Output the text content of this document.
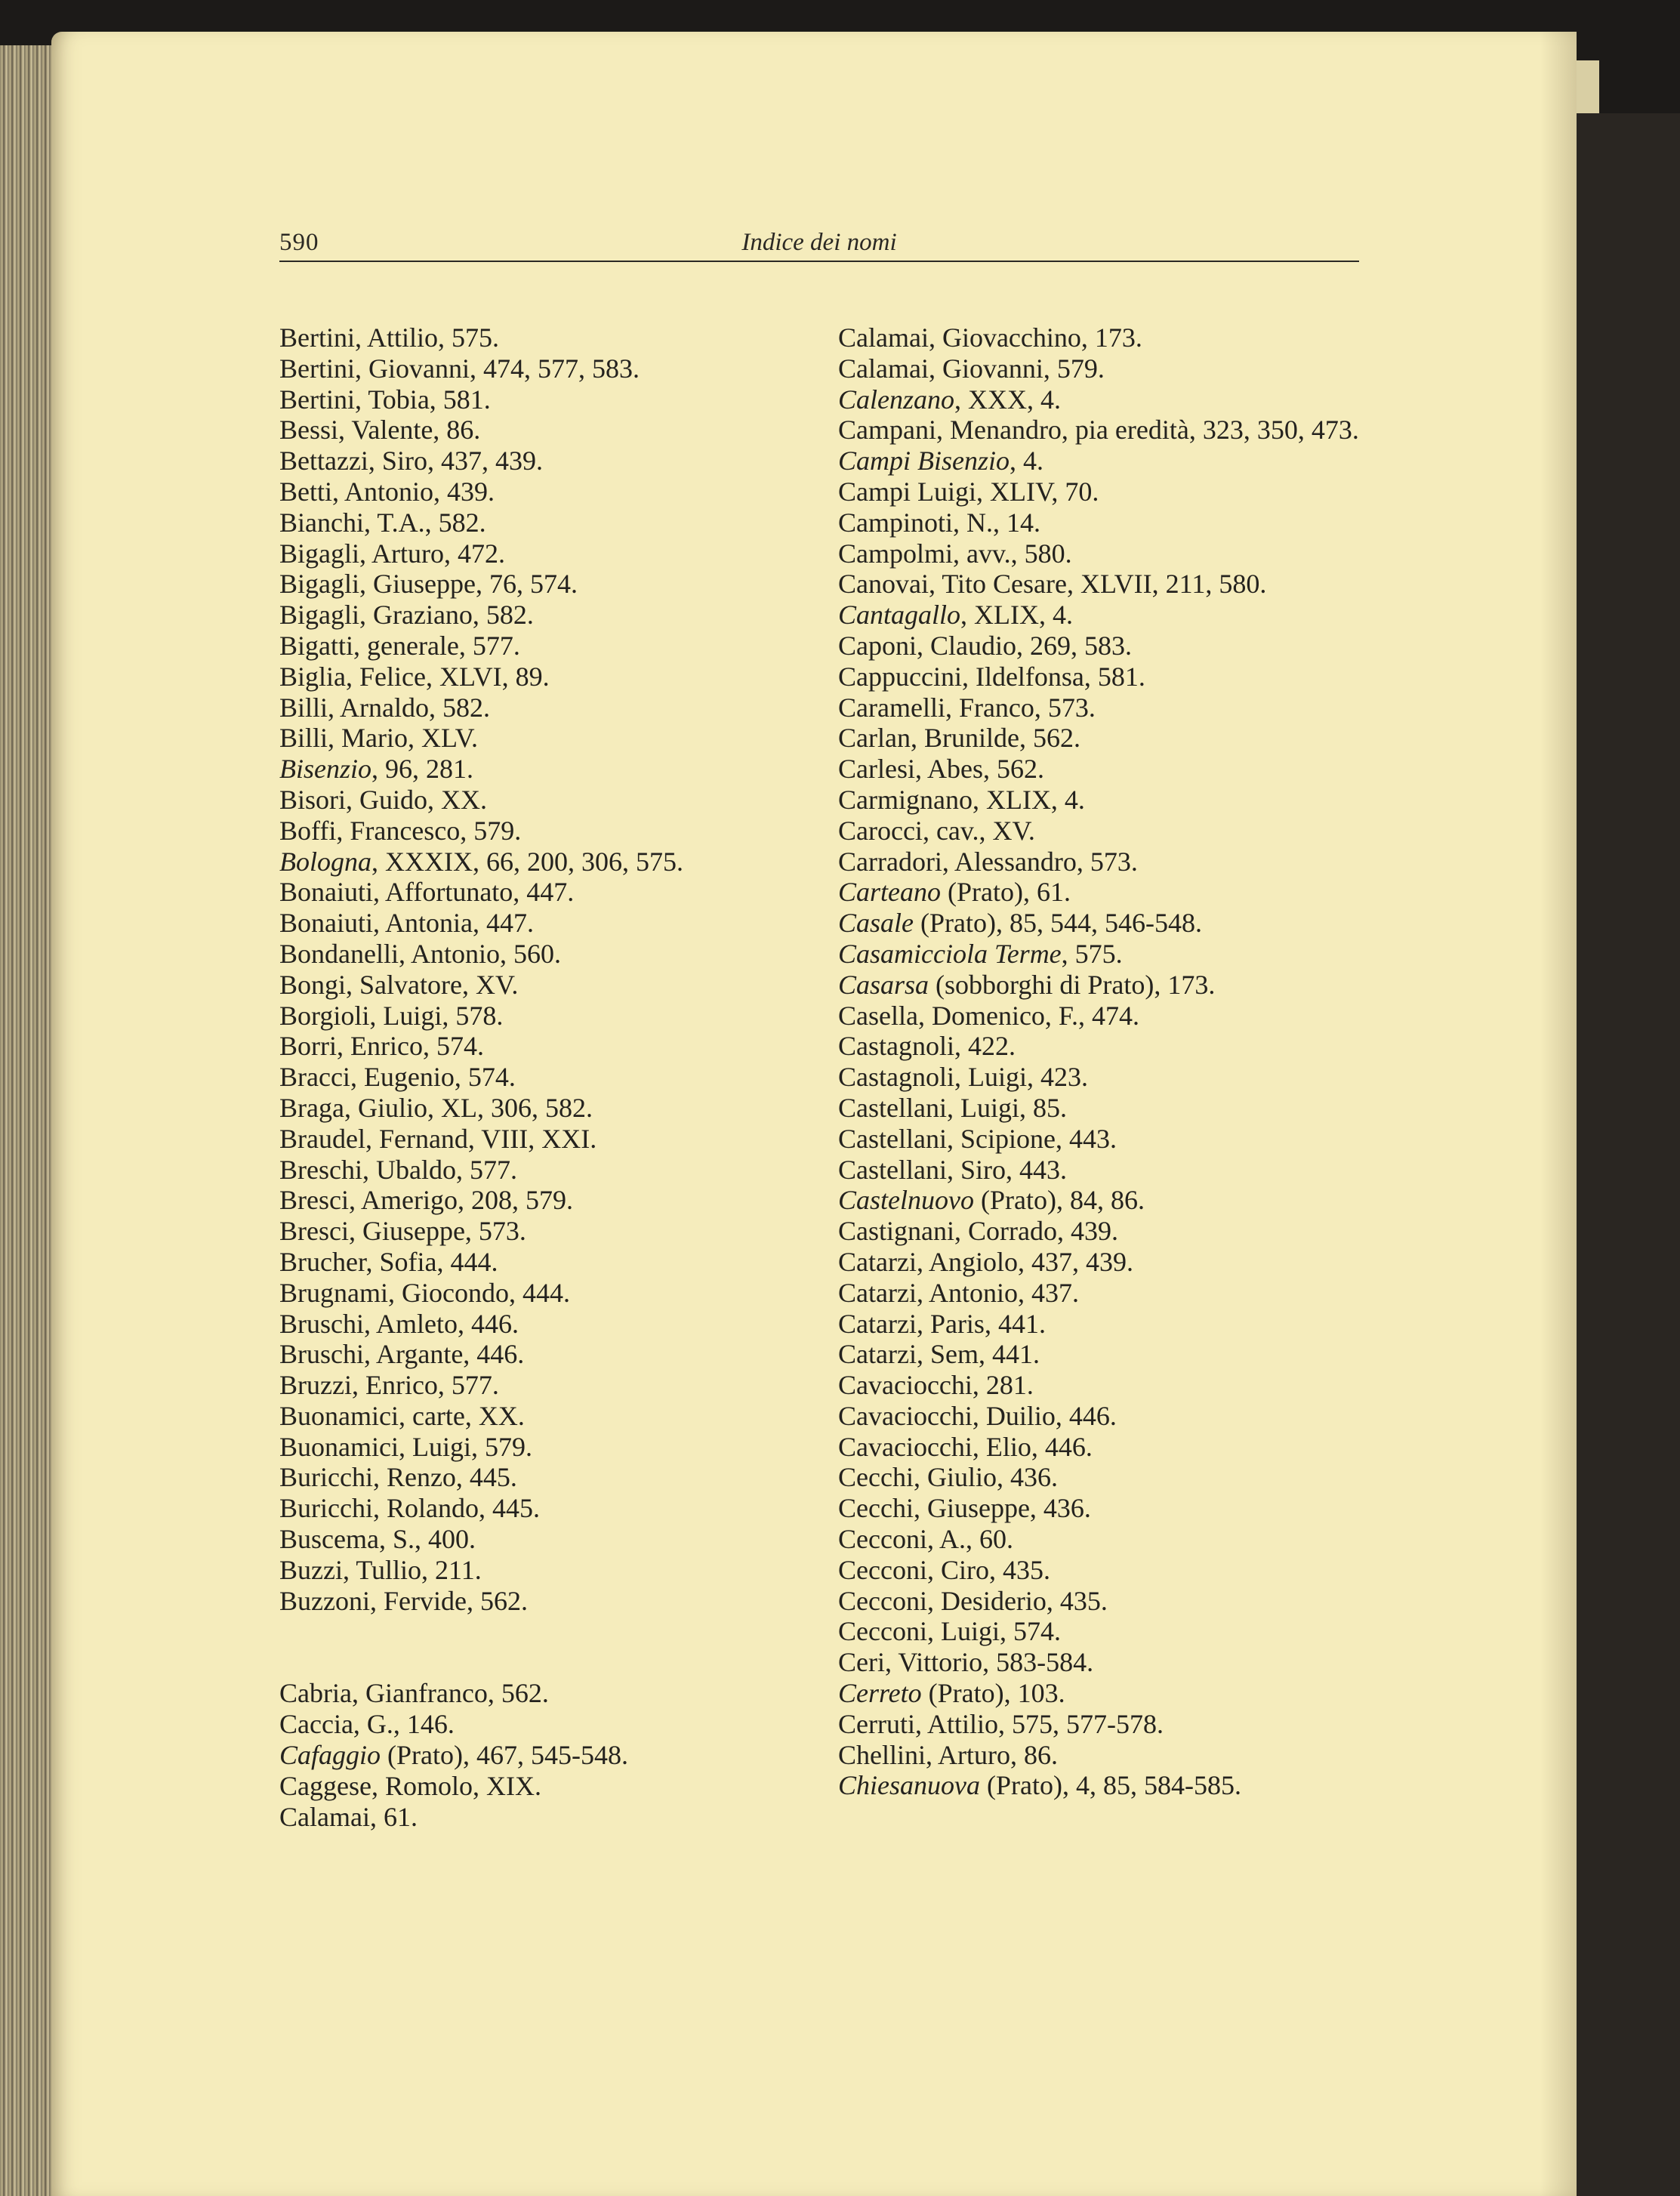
590	Indice dei nomi
Bertini, Attilio, 575.
Bertini, Giovanni, 474, 577, 583.
Bertini, Tobia, 581.
Bessi, Valente, 86.
Bettazzi, Siro, 437, 439.
Betti, Antonio, 439.
Bianchi, T.A., 582.
Bigagli, Arturo, 472.
Bigagli, Giuseppe, 76, 574.
Bigagli, Graziano, 582.
Bigatti, generale, 577.
Biglia, Felice, XLVI, 89.
Billi, Arnaldo, 582.
Billi, Mario, XLV.
Bisenzio, 96, 281.
Bisori, Guido, XX.
Boffi, Francesco, 579.
Bologna, XXXIX, 66, 200, 306, 575.
Bonaiuti, Affortunato, 447.
Bonaiuti, Antonia, 447.
Bondanelli, Antonio, 560.
Bongi, Salvatore, XV.
Borgioli, Luigi, 578.
Borri, Enrico, 574.
Bracci, Eugenio, 574.
Braga, Giulio, XL, 306, 582.
Braudel, Fernand, VIII, XXI.
Breschi, Ubaldo, 577.
Bresci, Amerigo, 208, 579.
Bresci, Giuseppe, 573.
Brucher, Sofia, 444.
Brugnami, Giocondo, 444.
Bruschi, Amleto, 446.
Bruschi, Argante, 446.
Bruzzi, Enrico, 577.
Buonamici, carte, XX.
Buonamici, Luigi, 579.
Buricchi, Renzo, 445.
Buricchi, Rolando, 445.
Buscema, S., 400.
Buzzi, Tullio, 211.
Buzzoni, Fervide, 562.
Cabria, Gianfranco, 562.
Caccia, G., 146.
Cafaggio (Prato), 467, 545-548.
Caggese, Romolo, XIX.
Calamai, 61.
Calamai, Giovacchino, 173.
Calamai, Giovanni, 579.
Calenzano, XXX, 4.
Campani, Menandro, pia eredità, 323, 350, 473.
Campi Bisenzio, 4.
Campi Luigi, XLIV, 70.
Campinoti, N., 14.
Campolmi, avv., 580.
Canovai, Tito Cesare, XLVII, 211, 580.
Cantagallo, XLIX, 4.
Caponi, Claudio, 269, 583.
Cappuccini, Ildelfonsa, 581.
Caramelli, Franco, 573.
Carlan, Brunilde, 562.
Carlesi, Abes, 562.
Carmignano, XLIX, 4.
Carocci, cav., XV.
Carradori, Alessandro, 573.
Carteano (Prato), 61.
Casale (Prato), 85, 544, 546-548.
Casamicciola Terme, 575.
Casarsa (sobborghi di Prato), 173.
Casella, Domenico, F., 474.
Castagnoli, 422.
Castagnoli, Luigi, 423.
Castellani, Luigi, 85.
Castellani, Scipione, 443.
Castellani, Siro, 443.
Castelnuovo (Prato), 84, 86.
Castignani, Corrado, 439.
Catarzi, Angiolo, 437, 439.
Catarzi, Antonio, 437.
Catarzi, Paris, 441.
Catarzi, Sem, 441.
Cavaciocchi, 281.
Cavaciocchi, Duilio, 446.
Cavaciocchi, Elio, 446.
Cecchi, Giulio, 436.
Cecchi, Giuseppe, 436.
Cecconi, A., 60.
Cecconi, Ciro, 435.
Cecconi, Desiderio, 435.
Cecconi, Luigi, 574.
Ceri, Vittorio, 583-584.
Cerreto (Prato), 103.
Cerruti, Attilio, 575, 577-578.
Chellini, Arturo, 86.
Chiesanuova (Prato), 4, 85, 584-585.
